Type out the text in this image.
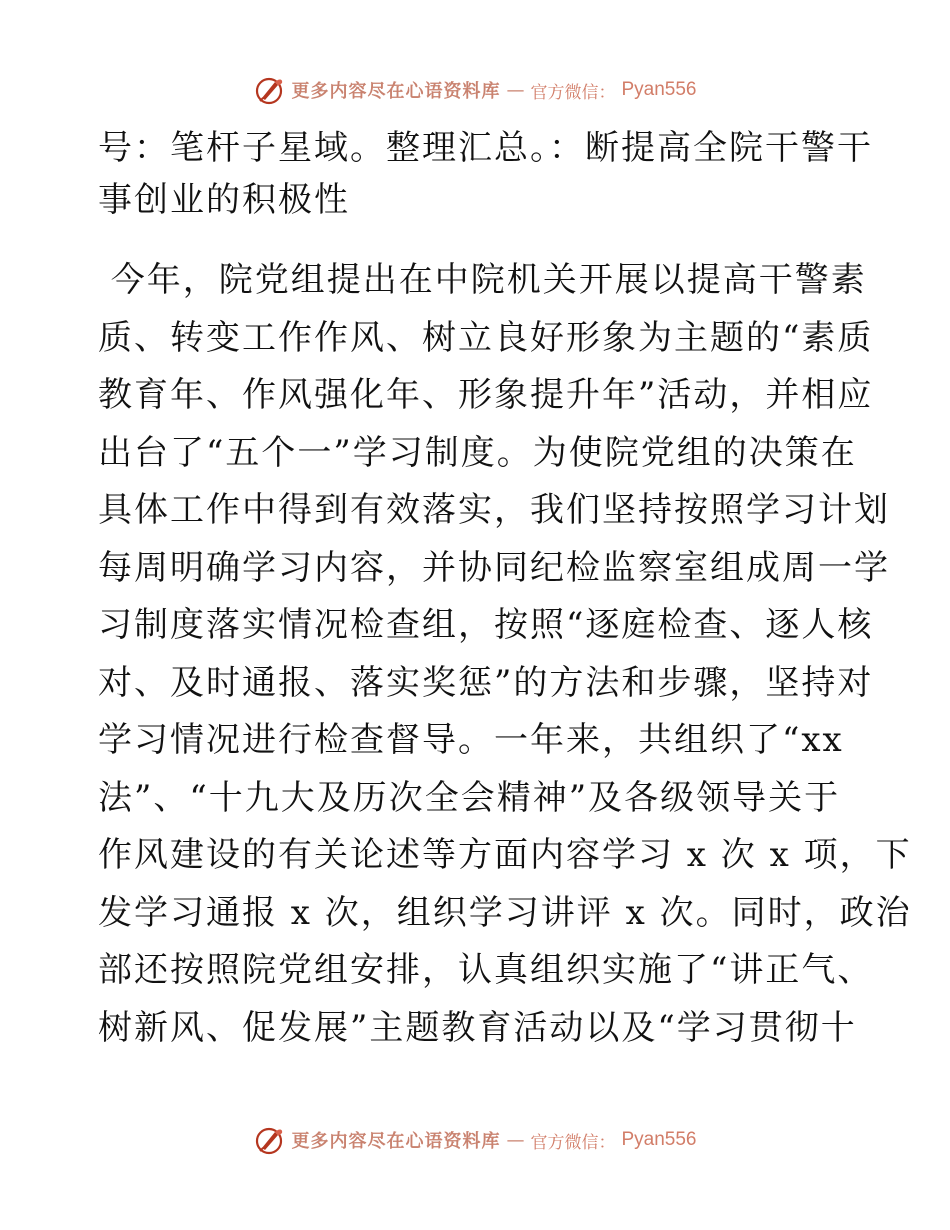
更多内容尽在心语资料库 — 官方微信： Pyan556
号：笔杆子星域。整理汇总。：断提高全院干警干
事创业的积极性
今年，院党组提出在中院机关开展以提高干警素
质、转变工作作风、树立良好形象为主题的“素质
教育年、作风强化年、形象提升年”活动，并相应
出台了“五个一”学习制度。为使院党组的决策在
具体工作中得到有效落实，我们坚持按照学习计划
每周明确学习内容，并协同纪检监察室组成周一学
习制度落实情况检查组，按照“逐庭检查、逐人核
对、及时通报、落实奖惩”的方法和步骤，坚持对
学习情况进行检查督导。一年来，共组织了“xx
法”、“十九大及历次全会精神”及各级领导关于
作风建设的有关论述等方面内容学习 x 次 x 项，下
发学习通报 x 次，组织学习讲评 x 次。同时，政治
部还按照院党组安排，认真组织实施了“讲正气、
树新风、促发展”主题教育活动以及“学习贯彻十
更多内容尽在心语资料库 — 官方微信： Pyan556
